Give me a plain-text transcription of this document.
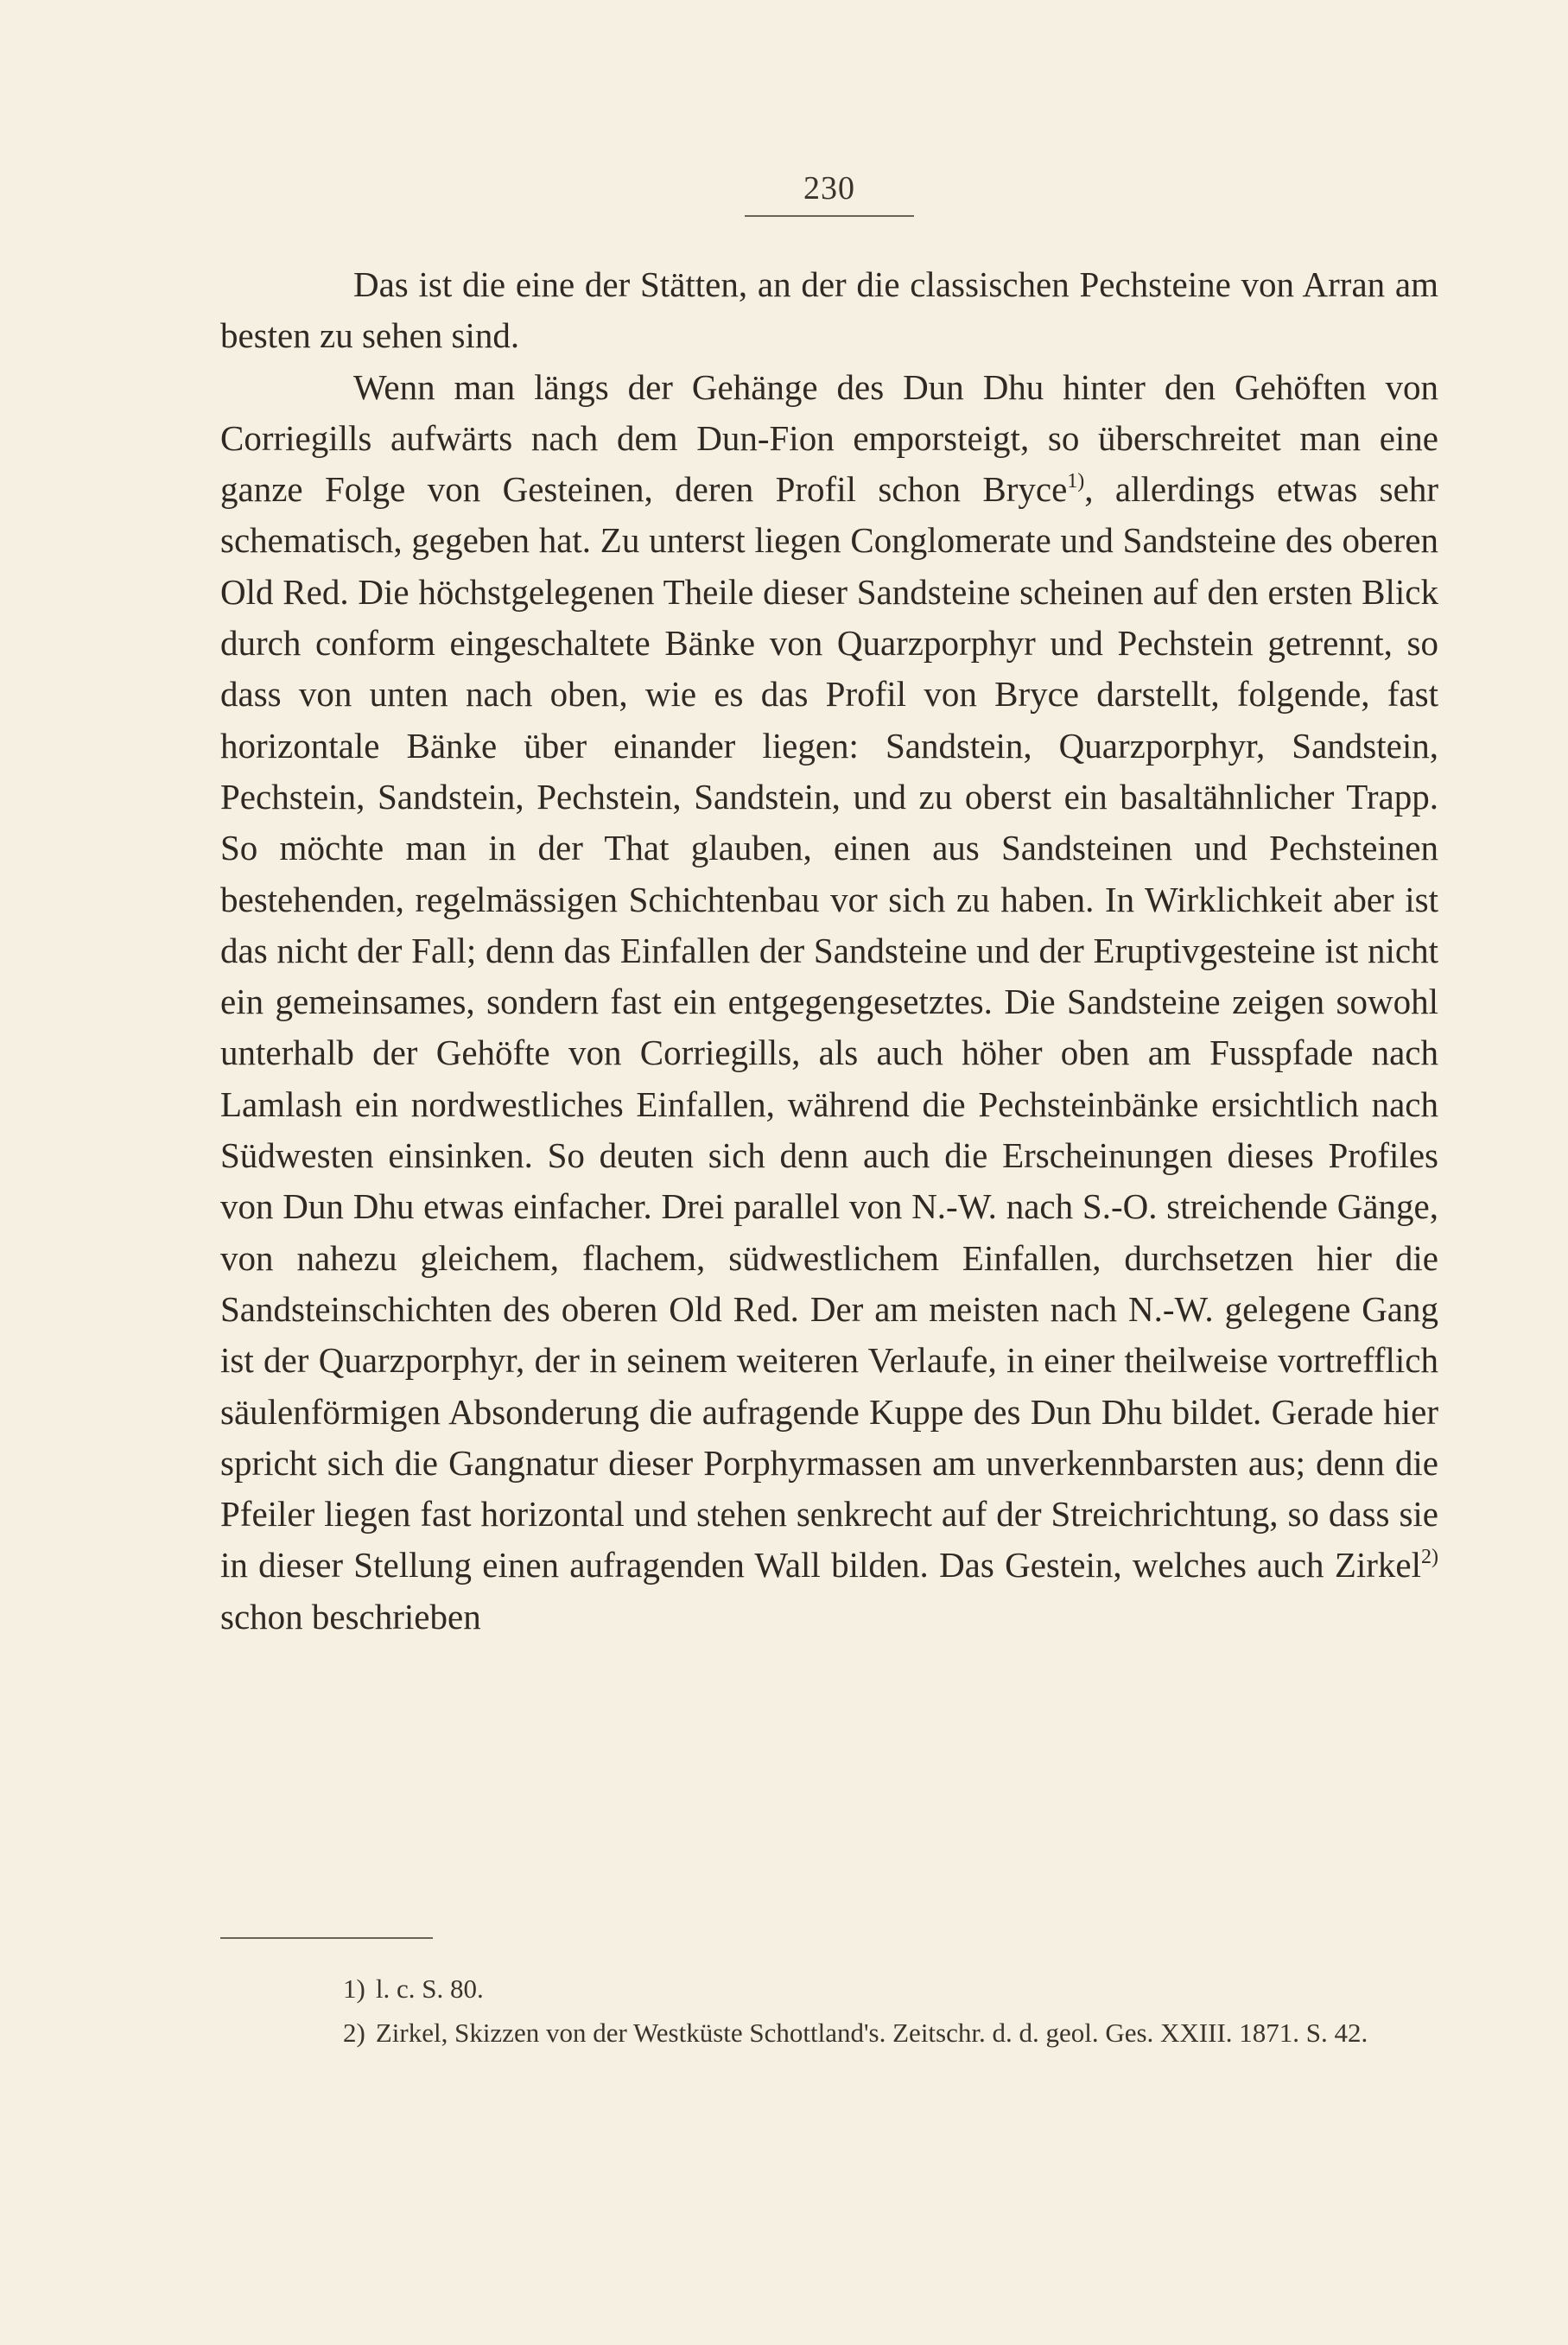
230

Das ist die eine der Stätten, an der die classischen Pechsteine von Arran am besten zu sehen sind.

Wenn man längs der Gehänge des Dun Dhu hinter den Gehöften von Corriegills aufwärts nach dem Dun-Fion emporsteigt, so überschreitet man eine ganze Folge von Gesteinen, deren Profil schon Bryce$^{1)}$, allerdings etwas sehr schematisch, gegeben hat. Zu unterst liegen Conglomerate und Sandsteine des oberen Old Red. Die höchstgelegenen Theile dieser Sandsteine scheinen auf den ersten Blick durch conform eingeschaltete Bänke von Quarzporphyr und Pechstein getrennt, so dass von unten nach oben, wie es das Profil von Bryce darstellt, folgende, fast horizontale Bänke über einander liegen: Sandstein, Quarzporphyr, Sandstein, Pechstein, Sandstein, Pechstein, Sandstein, und zu oberst ein basaltähnlicher Trapp. So möchte man in der That glauben, einen aus Sandsteinen und Pechsteinen bestehenden, regelmässigen Schichtenbau vor sich zu haben. In Wirklichkeit aber ist das nicht der Fall; denn das Einfallen der Sandsteine und der Eruptivgesteine ist nicht ein gemeinsames, sondern fast ein entgegengesetztes. Die Sandsteine zeigen sowohl unterhalb der Gehöfte von Corriegills, als auch höher oben am Fusspfade nach Lamlash ein nordwestliches Einfallen, während die Pechsteinbänke ersichtlich nach Südwesten einsinken. So deuten sich denn auch die Erscheinungen dieses Profiles von Dun Dhu etwas einfacher. Drei parallel von N.-W. nach S.-O. streichende Gänge, von nahezu gleichem, flachem, südwestlichem Einfallen, durchsetzen hier die Sandsteinschichten des oberen Old Red. Der am meisten nach N.-W. gelegene Gang ist der Quarzporphyr, der in seinem weiteren Verlaufe, in einer theilweise vortrefflich säulenförmigen Absonderung die aufragende Kuppe des Dun Dhu bildet. Gerade hier spricht sich die Gangnatur dieser Porphyrmassen am unverkennbarsten aus; denn die Pfeiler liegen fast horizontal und stehen senkrecht auf der Streichrichtung, so dass sie in dieser Stellung einen aufragenden Wall bilden. Das Gestein, welches auch Zirkel$^{2)}$ schon beschrieben

1) l. c. S. 80.

2) Zirkel, Skizzen von der Westküste Schottland's. Zeitschr. d. d. geol. Ges. XXIII. 1871. S. 42.
